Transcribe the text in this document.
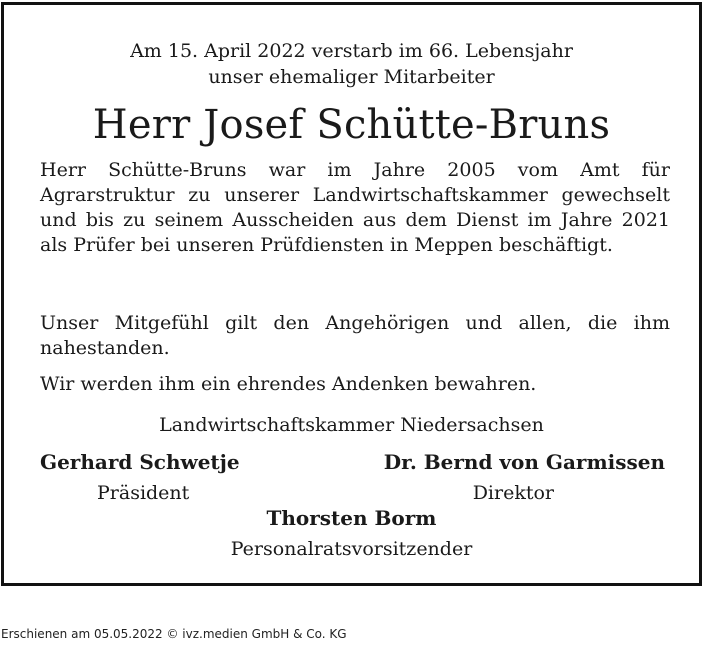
Am 15. April 2022 verstarb im 66. Lebensjahr
unser ehemaliger Mitarbeiter
Herr Josef Schütte-Bruns
Herr Schütte-Bruns war im Jahre 2005 vom Amt für Agrarstruktur zu unserer Landwirtschaftskammer gewechselt und bis zu seinem Ausscheiden aus dem Dienst im Jahre 2021 als Prüfer bei unseren Prüfdiensten in Meppen beschäftigt.
Unser Mitgefühl gilt den Angehörigen und allen, die ihm nahestanden.
Wir werden ihm ein ehrendes Andenken bewahren.
Landwirtschaftskammer Niedersachsen
Gerhard Schwetje
Präsident
Dr. Bernd von Garmissen
Direktor
Thorsten Borm
Personalratsvorsitzender
Erschienen am 05.05.2022 © ivz.medien GmbH & Co. KG
